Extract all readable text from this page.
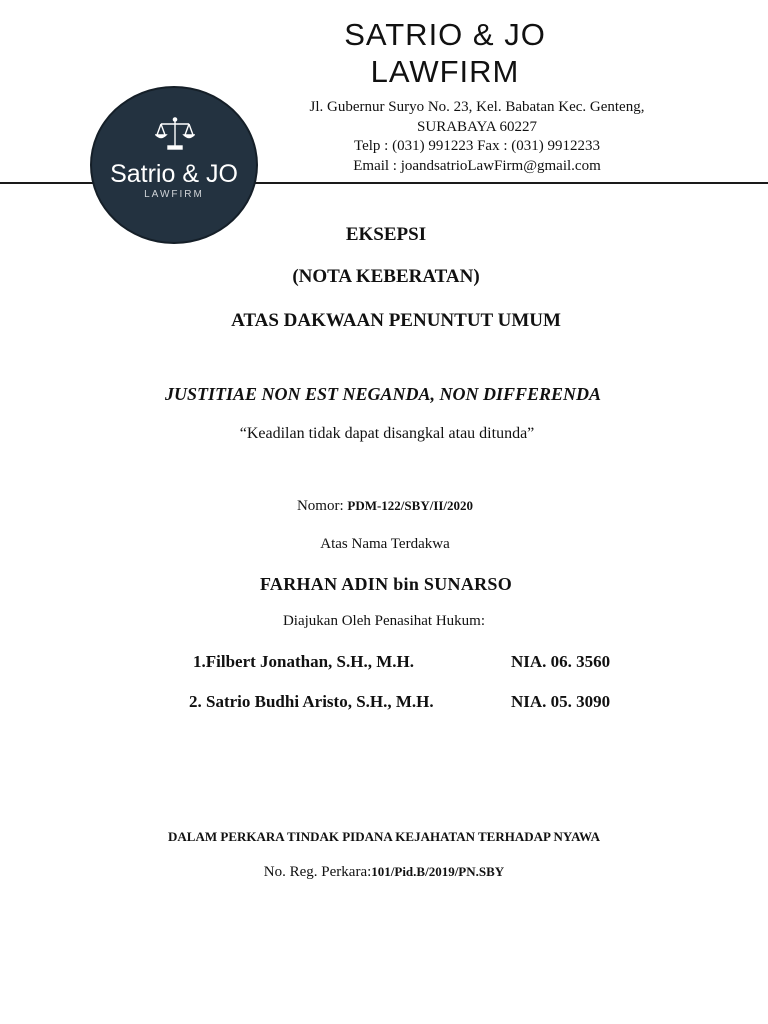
SATRIO & JO
LAWFIRM
Jl. Gubernur Suryo No. 23, Kel. Babatan Kec. Genteng,
SURABAYA 60227
Telp : (031) 991223 Fax : (031) 9912233
Email : joandsatrioLawFirm@gmail.com
Satrio & JO
LAWFIRM
EKSEPSI
(NOTA KEBERATAN)
ATAS DAKWAAN PENUNTUT UMUM
JUSTITIAE NON EST NEGANDA, NON DIFFERENDA
“Keadilan tidak dapat disangkal atau ditunda”
Nomor: PDM-122/SBY/II/2020
Atas Nama Terdakwa
FARHAN ADIN bin SUNARSO
Diajukan Oleh Penasihat Hukum:
1.Filbert Jonathan, S.H., M.H.	NIA. 06. 3560
2. Satrio Budhi Aristo, S.H., M.H.	NIA. 05. 3090
DALAM PERKARA TINDAK PIDANA KEJAHATAN TERHADAP NYAWA
No. Reg. Perkara:101/Pid.B/2019/PN.SBY
